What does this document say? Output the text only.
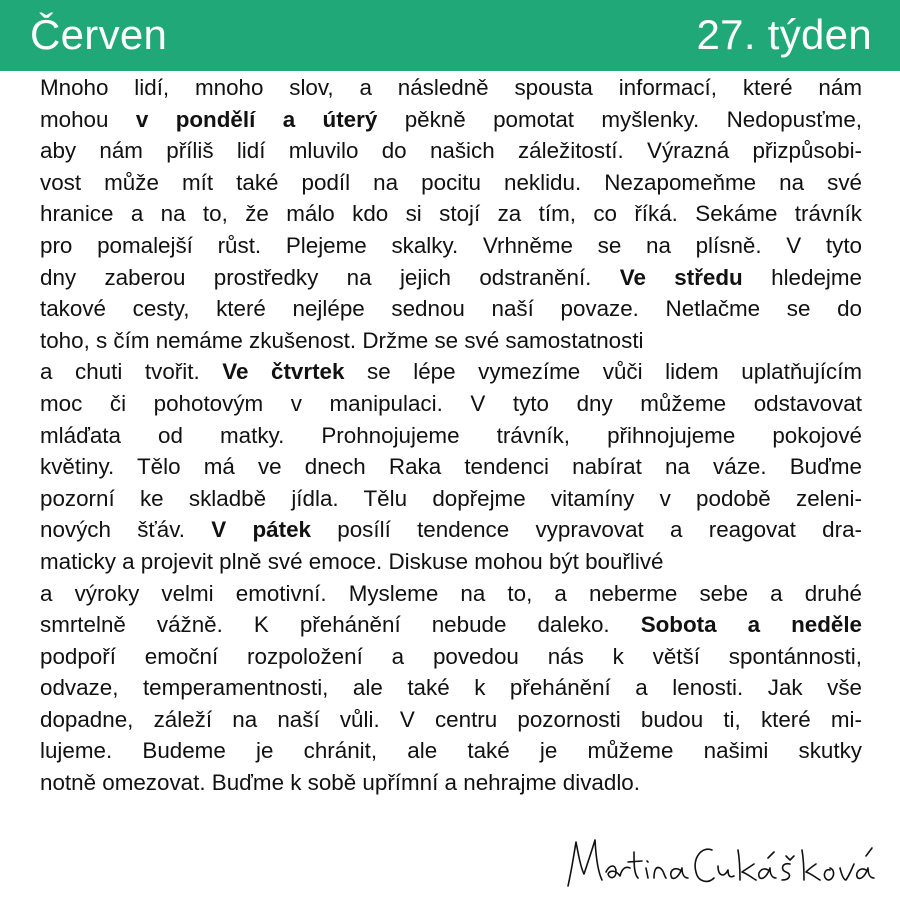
Červen	27. týden
Mnoho lidí, mnoho slov, a následně spousta informací, které nám
mohou v pondělí a úterý pěkně pomotat myšlenky. Nedopusťme,
aby nám příliš lidí mluvilo do našich záležitostí. Výrazná přizpůsobi-
vost může mít také podíl na pocitu neklidu. Nezapomeňme na své
hranice a na to, že málo kdo si stojí za tím, co říká. Sekáme trávník
pro pomalejší růst. Plejeme skalky. Vrhněme se na plísně. V tyto
dny zaberou prostředky na jejich odstranění. Ve středu hledejme
takové cesty, které nejlépe sednou naší povaze. Netlačme se do
toho, s čím nemáme zkušenost. Držme se své samostatnosti
a chuti tvořit. Ve čtvrtek se lépe vymezíme vůči lidem uplatňujícím
moc či pohotovým v manipulaci. V tyto dny můžeme odstavovat
mláďata od matky. Prohnojujeme trávník, přihnojujeme pokojové
květiny. Tělo má ve dnech Raka tendenci nabírat na váze. Buďme
pozorní ke skladbě jídla. Tělu dopřejme vitamíny v podobě zeleni-
nových šťáv. V pátek posílí tendence vypravovat a reagovat dra-
maticky a projevit plně své emoce. Diskuse mohou být bouřlivé
a výroky velmi emotivní. Mysleme na to, a neberme sebe a druhé
smrtelně vážně. K přehánění nebude daleko. Sobota a neděle
podpoří emoční rozpoložení a povedou nás k větší spontánnosti,
odvaze, temperamentnosti, ale také k přehánění a lenosti. Jak vše
dopadne, záleží na naší vůli. V centru pozornosti budou ti, které mi-
lujeme. Budeme je chránit, ale také je můžeme našimi skutky
notně omezovat. Buďme k sobě upřímní a nehrajme divadlo.
